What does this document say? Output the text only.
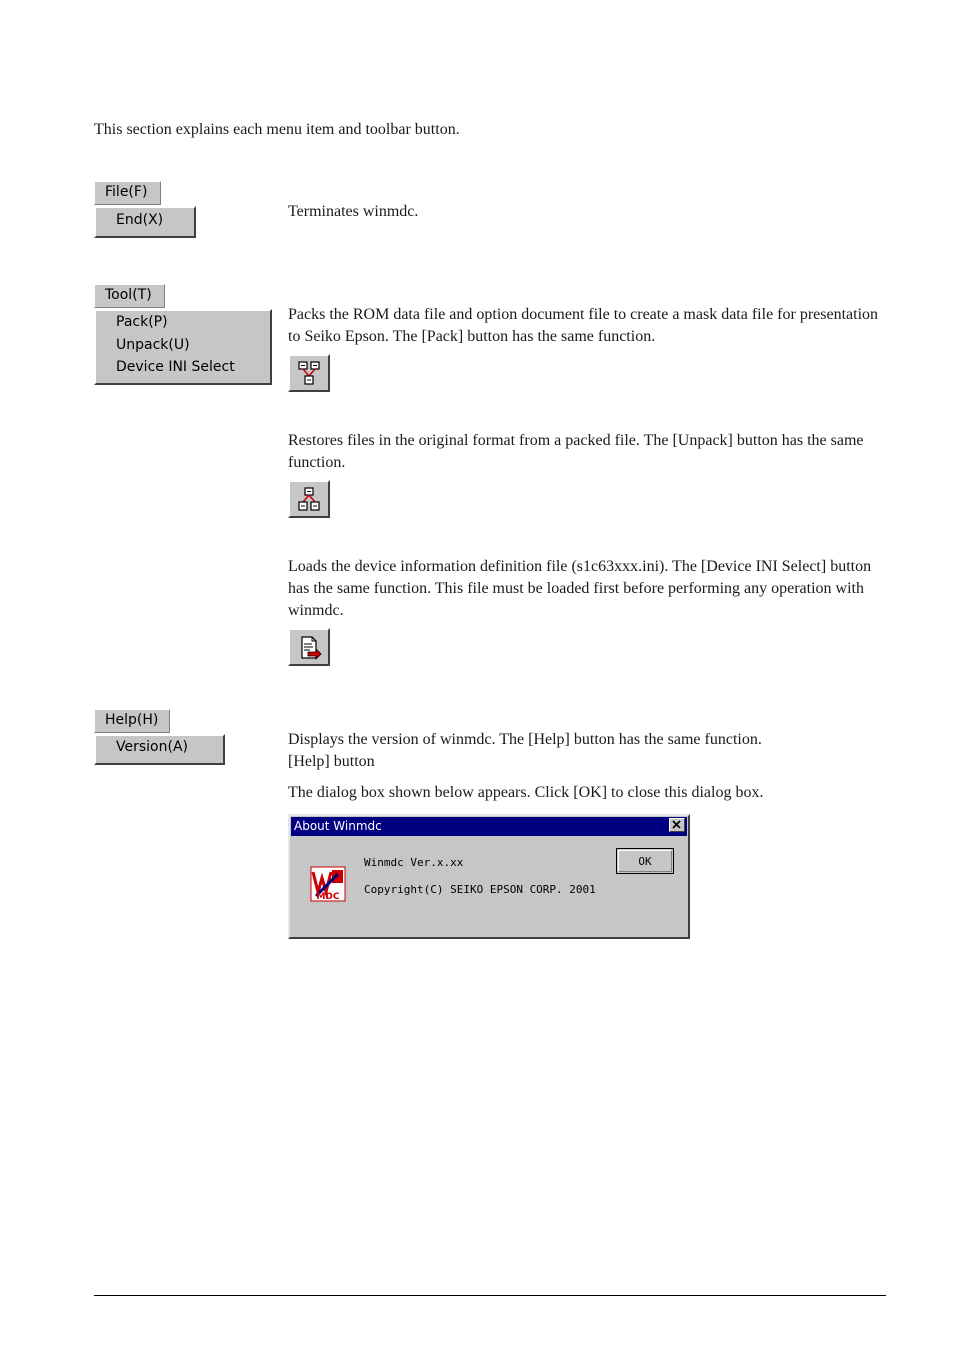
This section explains each menu item and toolbar button.
File(F)
End(X)	Terminates winmdc.
Tool(T)
Pack(P)
Unpack(U)
Device INI Select
Packs the ROM data file and option document file to create a mask data file for presentation to Seiko Epson. The [Pack] button has the same function.
Restores files in the original format from a packed file. The [Unpack] button has the same function.
Loads the device information definition file (s1c63xxx.ini). The [Device INI Select] button has the same function. This file must be loaded first before performing any operation with winmdc.
Help(H)
Version(A)	Displays the version of winmdc. The [Help] button has the same function.
[Help] button
The dialog box shown below appears. Click [OK] to close this dialog box.
About Winmdc
MDC
Winmdc Ver.x.xx
Copyright(C) SEIKO EPSON CORP. 2001
OK
